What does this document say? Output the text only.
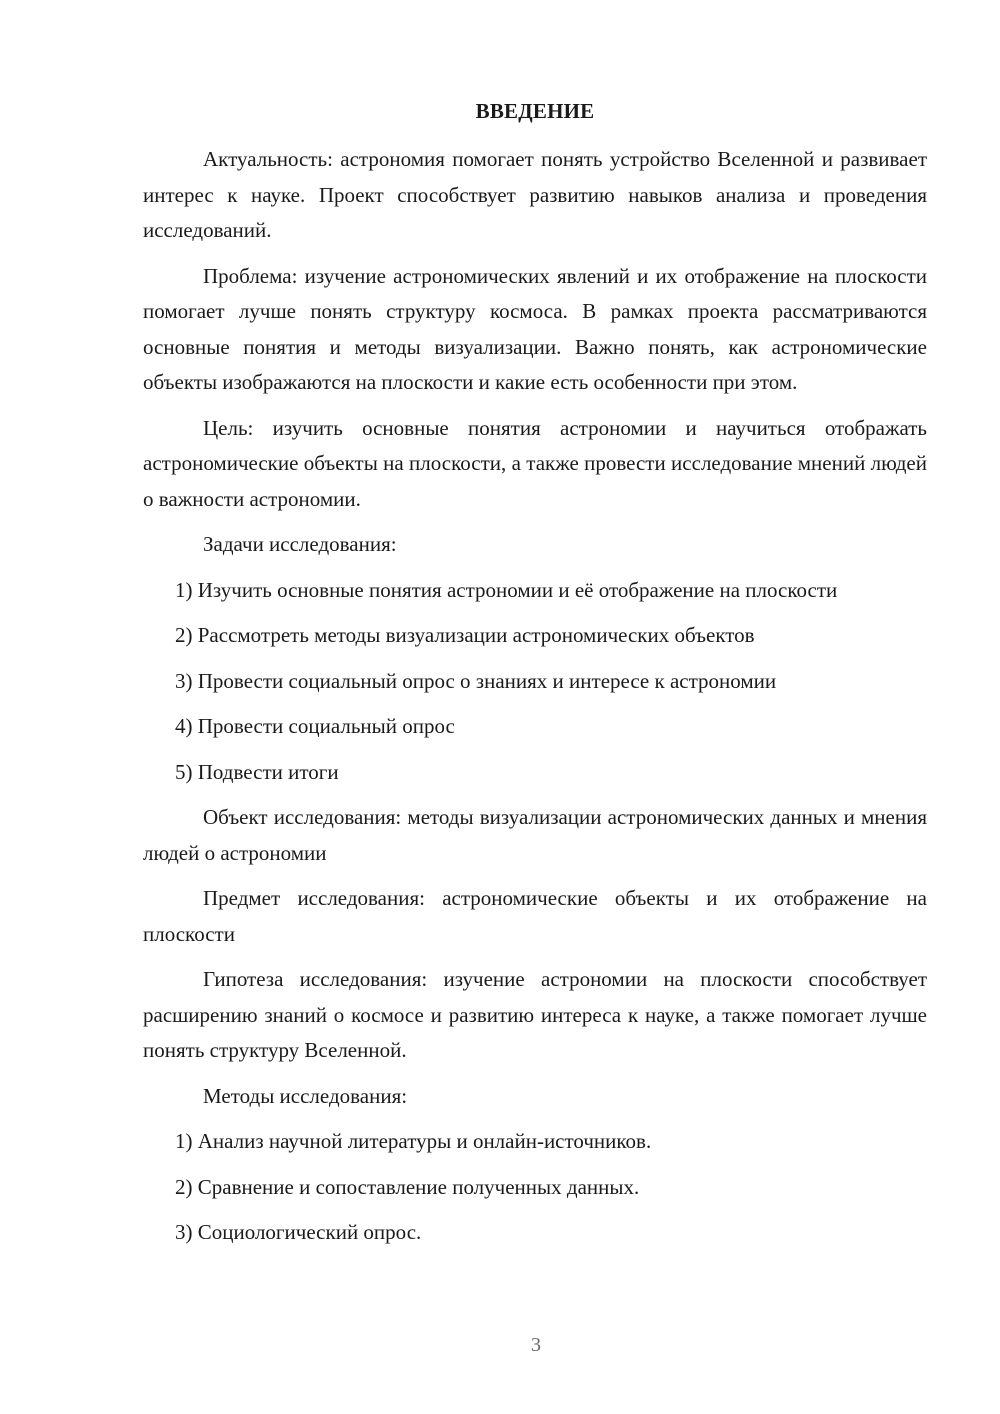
ВВЕДЕНИЕ

Актуальность: астрономия помогает понять устройство Вселенной и развивает интерес к науке. Проект способствует развитию навыков анализа и проведения исследований.

Проблема: изучение астрономических явлений и их отображение на плоскости помогает лучше понять структуру космоса. В рамках проекта рассматриваются основные понятия и методы визуализации. Важно понять, как астрономические объекты изображаются на плоскости и какие есть особенности при этом.

Цель: изучить основные понятия астрономии и научиться отображать астрономические объекты на плоскости, а также провести исследование мнений людей о важности астрономии.

Задачи исследования:

1) Изучить основные понятия астрономии и её отображение на плоскости

2) Рассмотреть методы визуализации астрономических объектов

3) Провести социальный опрос о знаниях и интересе к астрономии

4) Провести социальный опрос

5) Подвести итоги

Объект исследования: методы визуализации астрономических данных и мнения людей о астрономии

Предмет исследования: астрономические объекты и их отображение на плоскости

Гипотеза исследования: изучение астрономии на плоскости способствует расширению знаний о космосе и развитию интереса к науке, а также помогает лучше понять структуру Вселенной.

Методы исследования:

1) Анализ научной литературы и онлайн-источников.

2) Сравнение и сопоставление полученных данных.

3) Социологический опрос.

3
